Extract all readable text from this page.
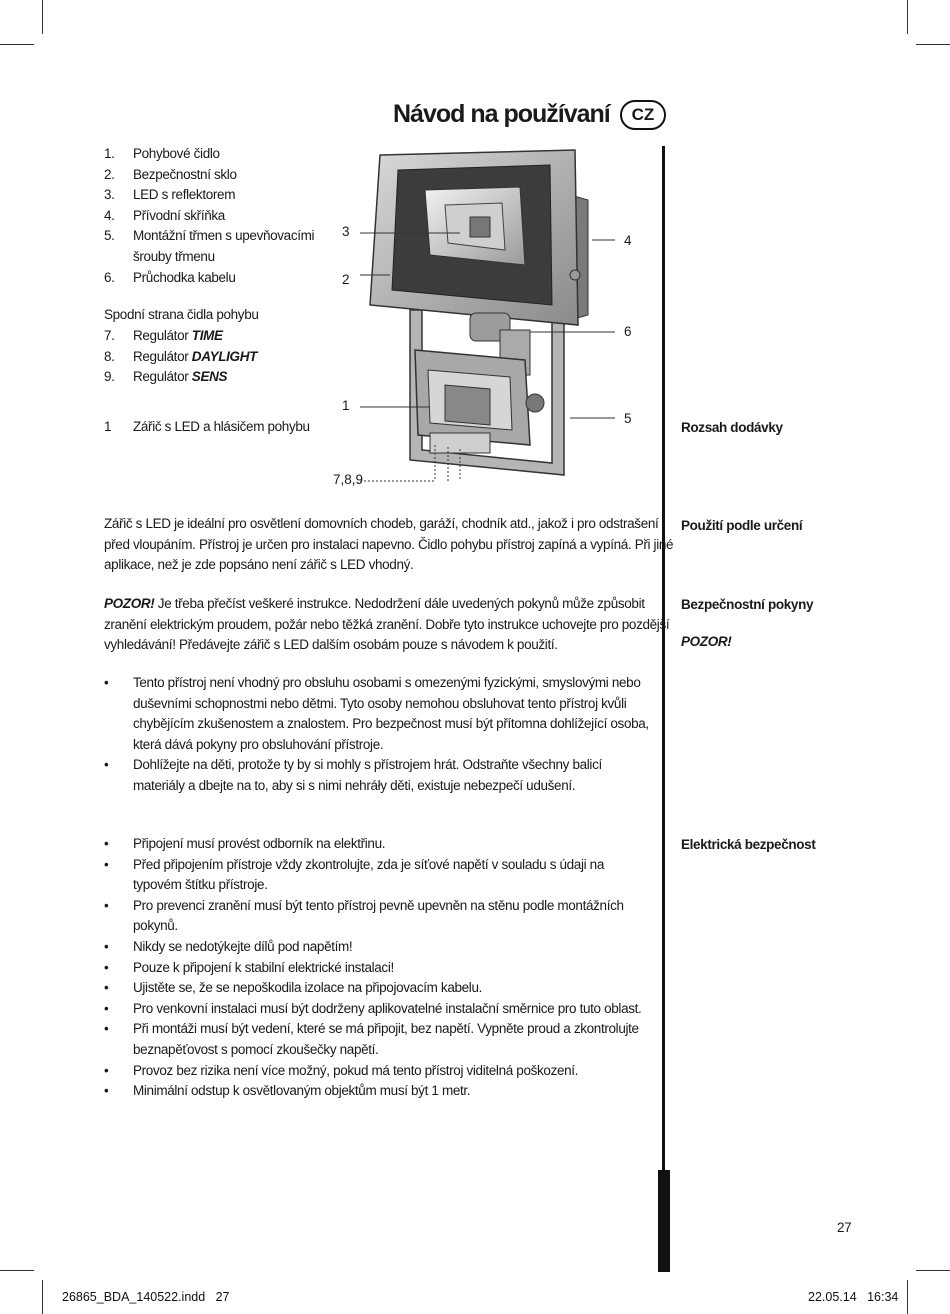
Návod na používaní	CZ
1. Pohybové čidlo
2. Bezpečnostní sklo
3. LED s reflektorem
4. Přívodní skříňka
5. Montážní třmen s upevňovacími
šrouby třmenu
6. Průchodka kabelu
Spodní strana čidla pohybu
7. Regulátor TIME
8. Regulátor DAYLIGHT
9. Regulátor SENS
1 Zářič s LED a hlásičem pohybu
3
2
1
4
6
5
7,8,9
Rozsah dodávky
Použití podle určení
Bezpečnostní pokyny
POZOR!
Elektrická bezpečnost
Zářič s LED je ideální pro osvětlení domovních chodeb, garáží, chodník atd., jakož i pro odstrašení
před vloupáním. Přístroj je určen pro instalaci napevno. Čidlo pohybu přístroj zapíná a vypíná. Při jiné
aplikace, než je zde popsáno není zářič s LED vhodný.
POZOR! Je třeba přečíst veškeré instrukce. Nedodržení dále uvedených pokynů může způsobit
zranění elektrickým proudem, požár nebo těžká zranění. Dobře tyto instrukce uchovejte pro pozdější
vyhledávání! Předávejte zářič s LED dalším osobám pouze s návodem k použití.
• Tento přístroj není vhodný pro obsluhu osobami s omezenými fyzickými, smyslovými nebo duševními schopnostmi nebo dětmi. Tyto osoby nemohou obsluhovat tento přístroj kvůli chybějícím zkušenostem a znalostem. Pro bezpečnost musí být přítomna dohlížející osoba, která dává pokyny pro obsluhování přístroje.
• Dohlížejte na děti, protože ty by si mohly s přístrojem hrát. Odstraňte všechny balicí materiály a dbejte na to, aby si s nimi nehráły děti, existuje nebezpečí udušení.
• Připojení musí provést odborník na elektřinu.
• Před připojením přístroje vždy zkontrolujte, zda je síťové napětí v souladu s údaji na typovém štítku přístroje.
• Pro prevenci zranění musí být tento přístroj pevně upevněn na stěnu podle montážních pokynů.
• Nikdy se nedotýkejte dílů pod napětím!
• Pouze k připojení k stabilní elektrické instalaci!
• Ujistěte se, že se nepoškodila izolace na připojovacím kabelu.
• Pro venkovní instalaci musí být dodrženy aplikovatelné instalační směrnice pro tuto oblast.
• Při montáži musí být vedení, které se má připojit, bez napětí. Vypněte proud a zkontrolujte beznapěťovost s pomocí zkoušečky napětí.
• Provoz bez rizika není více možný, pokud má tento přístroj viditelná poškození.
• Minimální odstup k osvětlovaným objektům musí být 1 metr.
27
26865_BDA_140522.indd   27	22.05.14   16:34
